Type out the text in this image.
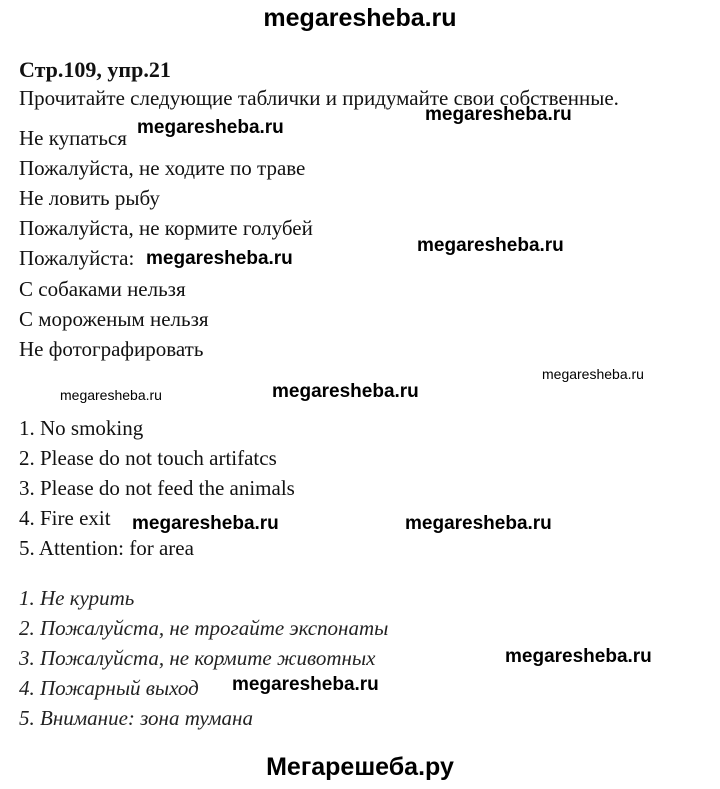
megaresheba.ru
Стр.109, упр.21
Прочитайте следующие таблички и придумайте свои собственные.
Не купаться
Пожалуйста, не ходите по траве
Не ловить рыбу
Пожалуйста, не кормите голубей
Пожалуйста:
С собаками нельзя
С мороженым нельзя
Не фотографировать
1. No smoking
2. Please do not touch artifatcs
3. Please do not feed the animals
4. Fire exit
5. Attention: for area
1. Не курить
2. Пожалуйста, не трогайте экспонаты
3. Пожалуйста, не кормите животных
4. Пожарный выход
5. Внимание: зона тумана
megaresheba.ru
megaresheba.ru
megaresheba.ru
megaresheba.ru
megaresheba.ru
megaresheba.ru	megaresheba.ru
megaresheba.ru	megaresheba.ru
megaresheba.ru
megaresheba.ru
Мегарешеба.ру
